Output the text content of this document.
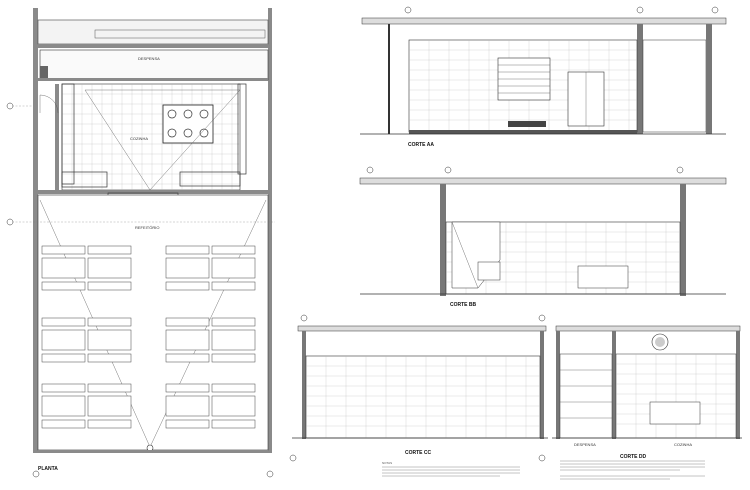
DESPENSA
COZINHA
REFEITÓRIO
PLANTA
CORTE AA
CORTE BB
CORTE CC
DESPENSA	COZINHA
CORTE DD
NOTAS
